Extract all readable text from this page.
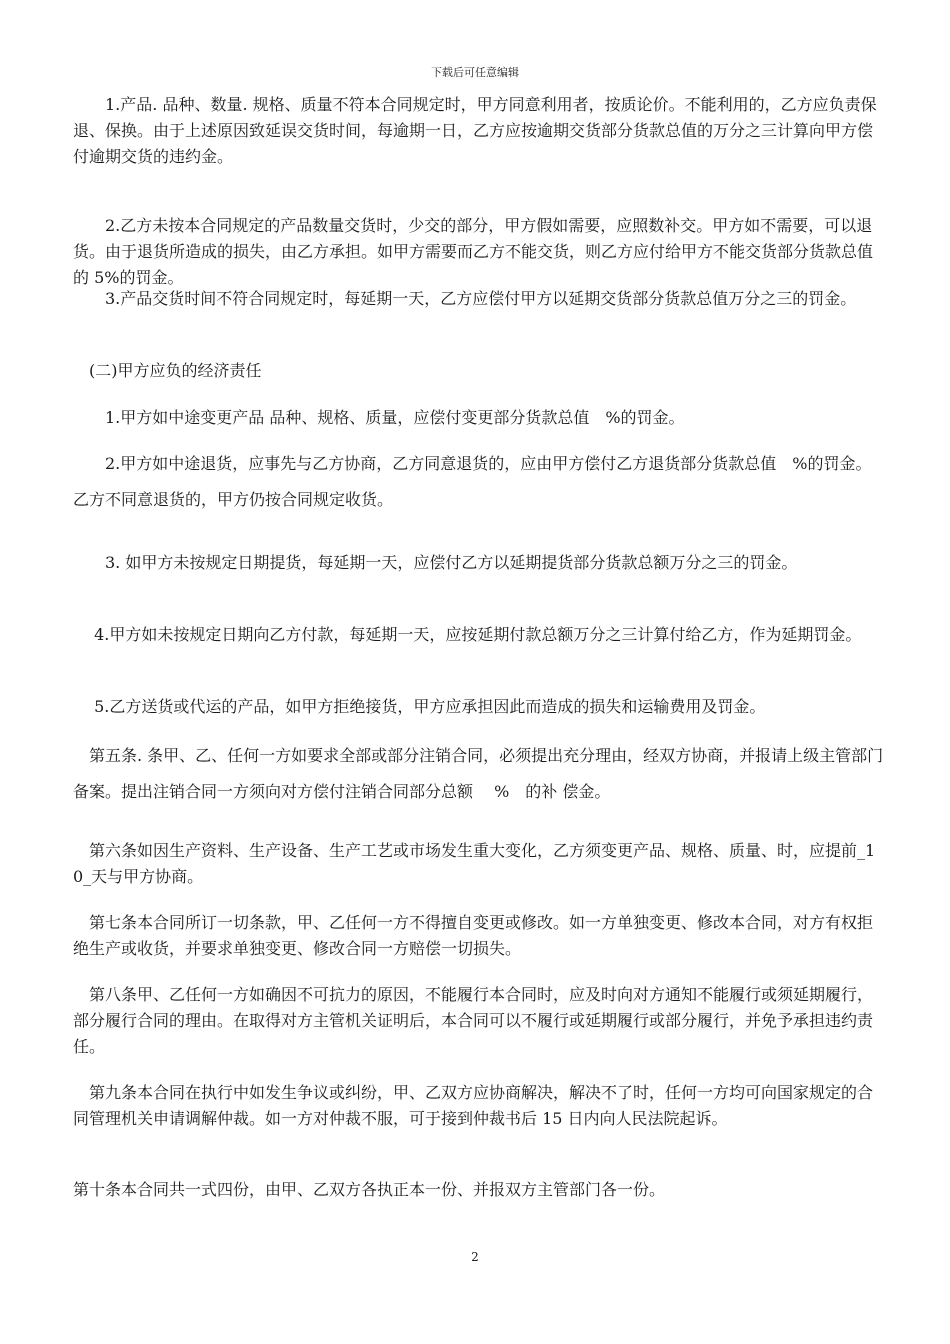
下载后可任意编辑

　　1.产品. 品种、数量. 规格、质量不符本合同规定时，甲方同意利用者，按质论价。不能利用的，乙方应负责保退、保换。由于上述原因致延误交货时间，每逾期一日，乙方应按逾期交货部分货款总值的万分之三计算向甲方偿付逾期交货的违约金。

　　2.乙方未按本合同规定的产品数量交货时，少交的部分，甲方假如需要，应照数补交。甲方如不需要，可以退货。由于退货所造成的损失，由乙方承担。如甲方需要而乙方不能交货，则乙方应付给甲方不能交货部分货款总值的 5%的罚金。

　　3.产品交货时间不符合同规定时，每延期一天，乙方应偿付甲方以延期交货部分货款总值万分之三的罚金。

　(二)甲方应负的经济责任

　　1.甲方如中途变更产品 品种、规格、质量，应偿付变更部分货款总值　%的罚金。

　　2.甲方如中途退货，应事先与乙方协商，乙方同意退货的，应由甲方偿付乙方退货部分货款总值　%的罚金。乙方不同意退货的，甲方仍按合同规定收货。

　　3. 如甲方未按规定日期提货，每延期一天，应偿付乙方以延期提货部分货款总额万分之三的罚金。

　 4.甲方如未按规定日期向乙方付款，每延期一天，应按延期付款总额万分之三计算付给乙方，作为延期罚金。

　 5.乙方送货或代运的产品，如甲方拒绝接货，甲方应承担因此而造成的损失和运输费用及罚金。

　第五条. 条甲、乙、任何一方如要求全部或部分注销合同，必须提出充分理由，经双方协商，并报请上级主管部门备案。提出注销合同一方须向对方偿付注销合同部分总额　 %　的补 偿金。

　第六条如因生产资料、生产设备、生产工艺或市场发生重大变化，乙方须变更产品、规格、质量、时，应提前_10_天与甲方协商。

　第七条本合同所订一切条款，甲、乙任何一方不得擅自变更或修改。如一方单独变更、修改本合同，对方有权拒绝生产或收货，并要求单独变更、修改合同一方赔偿一切损失。

　第八条甲、乙任何一方如确因不可抗力的原因，不能履行本合同时，应及时向对方通知不能履行或须延期履行，部分履行合同的理由。在取得对方主管机关证明后，本合同可以不履行或延期履行或部分履行，并免予承担违约责任。

　第九条本合同在执行中如发生争议或纠纷，甲、乙双方应协商解决，解决不了时，任何一方均可向国家规定的合同管理机关申请调解仲裁。如一方对仲裁不服，可于接到仲裁书后 15 日内向人民法院起诉。

第十条本合同共一式四份，由甲、乙双方各执正本一份、并报双方主管部门各一份。

2
